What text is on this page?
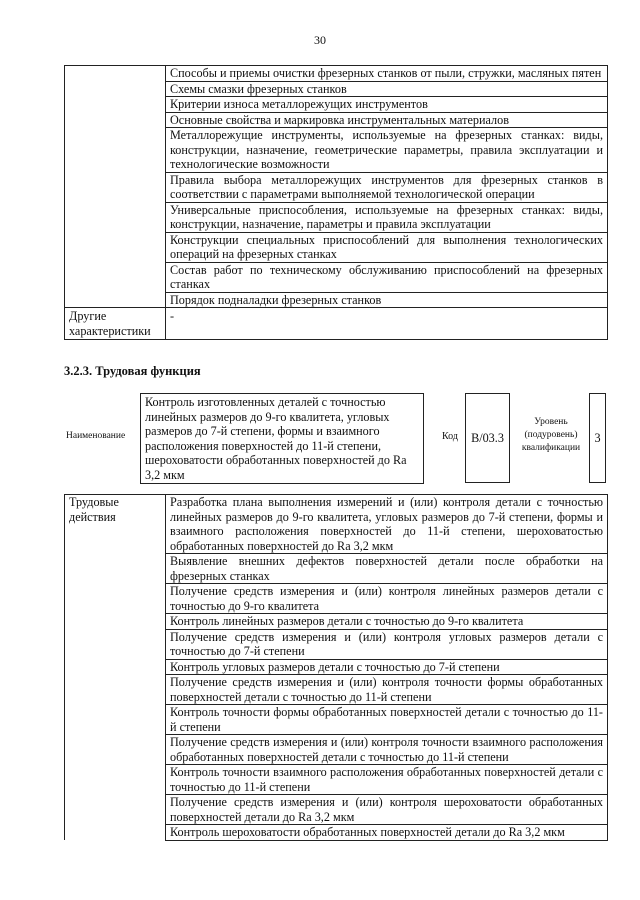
30
	Способы и приемы очистки фрезерных станков от пыли, стружки, масляных пятен
	Схемы смазки фрезерных станков
	Критерии износа металлорежущих инструментов
	Основные свойства и маркировка инструментальных материалов
	Металлорежущие инструменты, используемые на фрезерных станках: виды, конструкции, назначение, геометрические параметры, правила эксплуатации и технологические возможности
	Правила выбора металлорежущих инструментов для фрезерных станков в соответствии с параметрами выполняемой технологической операции
	Универсальные приспособления, используемые на фрезерных станках: виды, конструкции, назначение, параметры и правила эксплуатации
	Конструкции специальных приспособлений для выполнения технологических операций на фрезерных станках
	Состав работ по техническому обслуживанию приспособлений на фрезерных станках
	Порядок подналадки фрезерных станков
Другие характеристики	-
3.2.3. Трудовая функция
Наименование
Контроль изготовленных деталей с точностью линейных размеров до 9-го квалитета, угловых размеров до 7-й степени, формы и взаимного расположения поверхностей до 11-й степени, шероховатости обработанных поверхностей до Ra 3,2 мкм
Код	B/03.3
Уровень (подуровень) квалификации
3
Трудовые действия	Разработка плана выполнения измерений и (или) контроля детали с точностью линейных размеров до 9-го квалитета, угловых размеров до 7-й степени, формы и взаимного расположения поверхностей до 11-й степени, шероховатостью обработанных поверхностей до Ra 3,2 мкм
Выявление внешних дефектов поверхностей детали после обработки на фрезерных станках
Получение средств измерения и (или) контроля линейных размеров детали с точностью до 9-го квалитета
Контроль линейных размеров детали с точностью до 9-го квалитета
Получение средств измерения и (или) контроля угловых размеров детали с точностью до 7-й степени
Контроль угловых размеров детали с точностью до 7-й степени
Получение средств измерения и (или) контроля точности формы обработанных поверхностей детали с точностью до 11-й степени
Контроль точности формы обработанных поверхностей детали с точностью до 11-й степени
Получение средств измерения и (или) контроля точности взаимного расположения обработанных поверхностей детали с точностью до 11-й степени
Контроль точности взаимного расположения обработанных поверхностей детали с точностью до 11-й степени
Получение средств измерения и (или) контроля шероховатости обработанных поверхностей детали до Ra 3,2 мкм
Контроль шероховатости обработанных поверхностей детали до Ra 3,2 мкм
